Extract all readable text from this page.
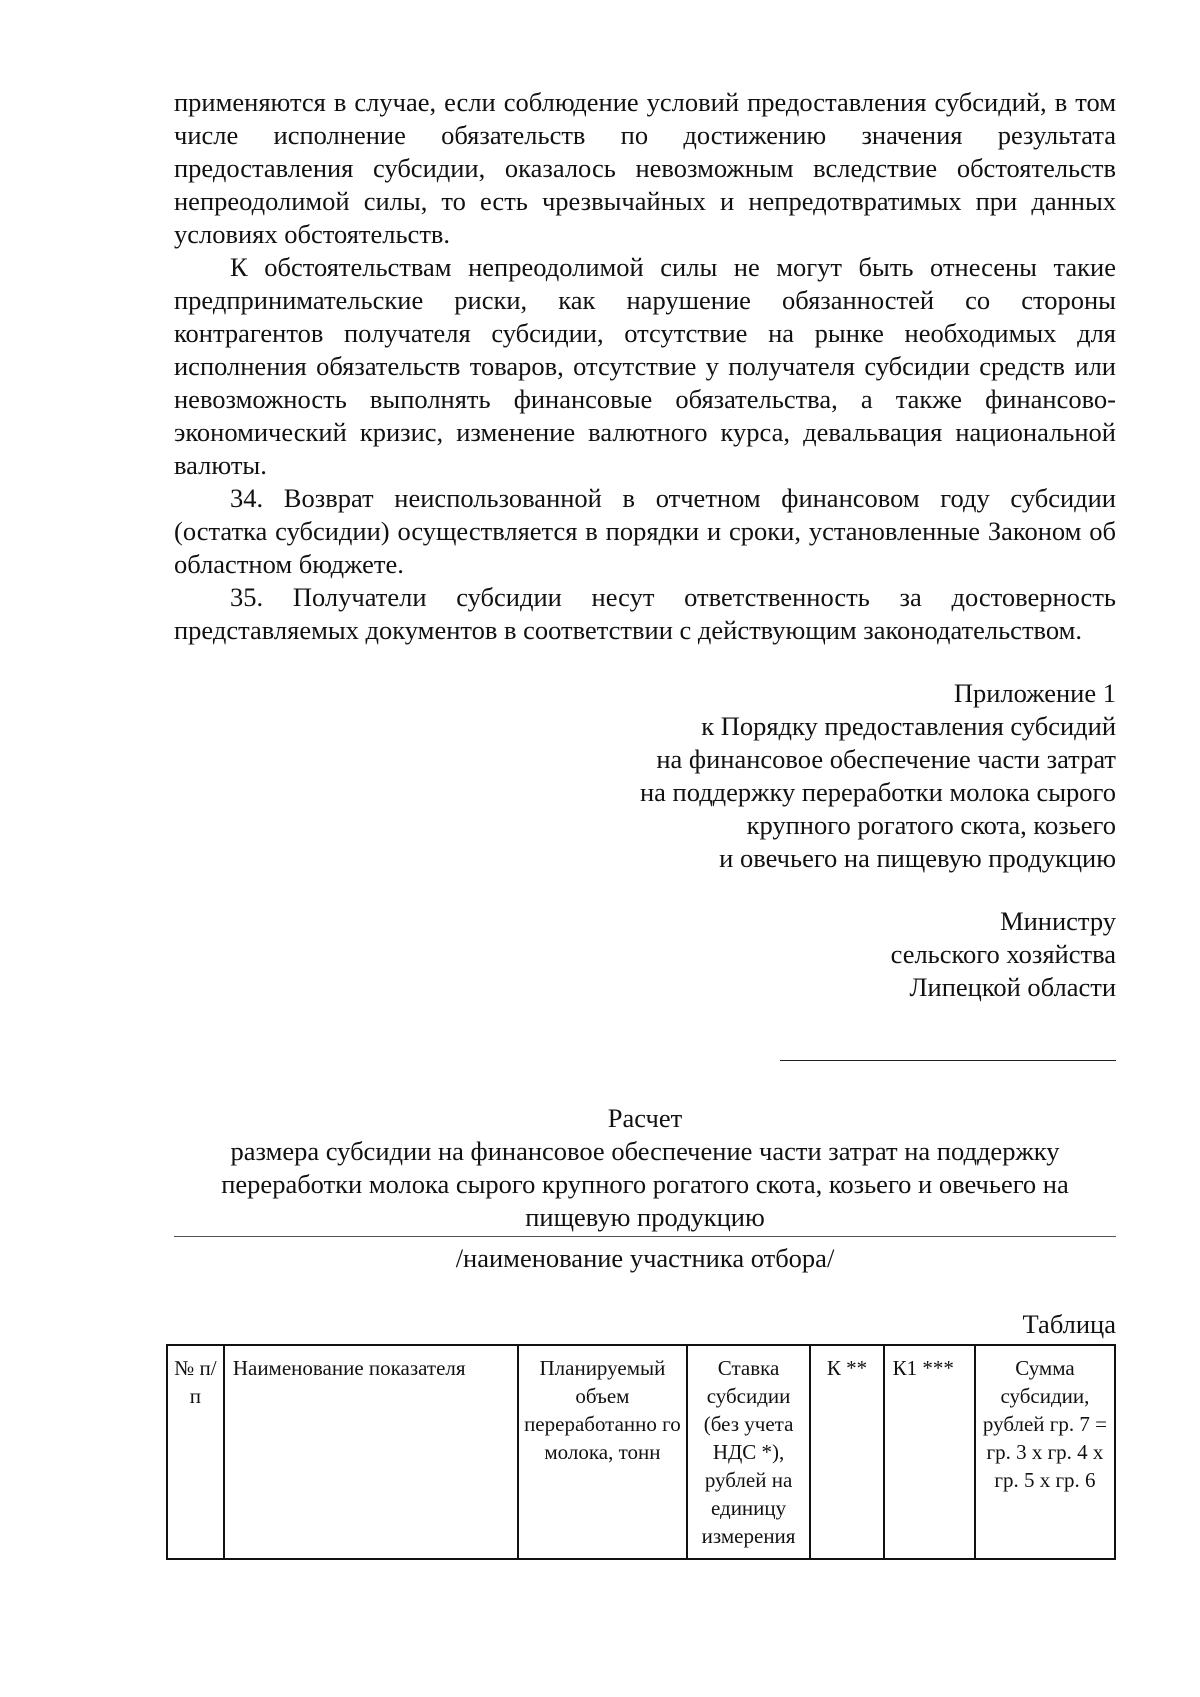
применяются в случае, если соблюдение условий предоставления субсидий, в том числе исполнение обязательств по достижению значения результата предоставления субсидии, оказалось невозможным вследствие обстоятельств непреодолимой силы, то есть чрезвычайных и непредотвратимых при данных условиях обстоятельств.

К обстоятельствам непреодолимой силы не могут быть отнесены такие предпринимательские риски, как нарушение обязанностей со стороны контрагентов получателя субсидии, отсутствие на рынке необходимых для исполнения обязательств товаров, отсутствие у получателя субсидии средств или невозможность выполнять финансовые обязательства, а также финансово-экономический кризис, изменение валютного курса, девальвация национальной валюты.

34. Возврат неиспользованной в отчетном финансовом году субсидии (остатка субсидии) осуществляется в порядки и сроки, установленные Законом об областном бюджете.

35. Получатели субсидии несут ответственность за достоверность представляемых документов в соответствии с действующим законодательством.

Приложение 1
к Порядку предоставления субсидий
на финансовое обеспечение части затрат
на поддержку переработки молока сырого
крупного рогатого скота, козьего
и овечьего на пищевую продукцию
Министру
сельского хозяйства
Липецкой области
Расчет
размера субсидии на финансовое обеспечение части затрат на поддержку переработки молока сырого крупного рогатого скота, козьего и овечьего на пищевую продукцию
/наименование участника отбора/
Таблица
№ п/п	Наименование показателя	Планируемый объем переработанно го молока, тонн	Ставка субсидии (без учета НДС *), рублей на единицу измерения	К **	К1 ***	Сумма субсидии, рублей гр. 7 = гр. 3 х гр. 4 х гр. 5 х гр. 6
